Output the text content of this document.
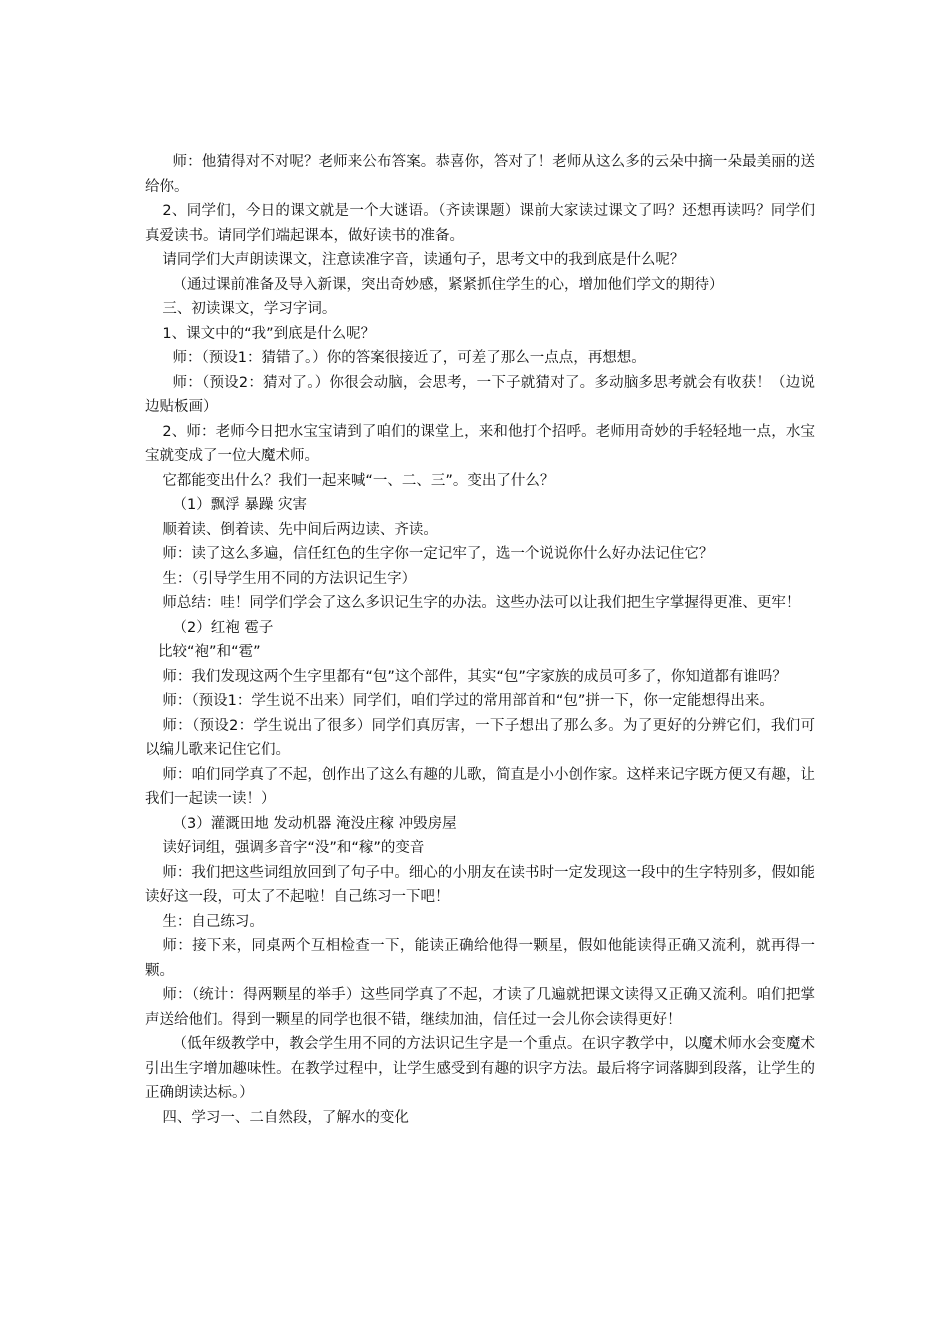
师：他猜得对不对呢？老师来公布答案。恭喜你，答对了！老师从这么多的云朵中摘一朵最美丽的送给你。

2、同学们，今日的课文就是一个大谜语。（齐读课题）课前大家读过课文了吗？还想再读吗？同学们真爱读书。请同学们端起课本，做好读书的准备。

请同学们大声朗读课文，注意读准字音，读通句子，思考文中的我到底是什么呢？

（通过课前准备及导入新课，突出奇妙感，紧紧抓住学生的心，增加他们学文的期待）

三、初读课文，学习字词。

1、课文中的“我”到底是什么呢？

师：（预设1：猜错了。）你的答案很接近了，可差了那么一点点，再想想。

师：（预设2：猜对了。）你很会动脑，会思考，一下子就猜对了。多动脑多思考就会有收获！（边说边贴板画）

2、师：老师今日把水宝宝请到了咱们的课堂上，来和他打个招呼。老师用奇妙的手轻轻地一点，水宝宝就变成了一位大魔术师。

它都能变出什么？我们一起来喊“一、二、三”。变出了什么？

（1）飘浮 暴躁 灾害

顺着读、倒着读、先中间后两边读、齐读。

师：读了这么多遍，信任红色的生字你一定记牢了，选一个说说你什么好办法记住它？

生：（引导学生用不同的方法识记生字）

师总结：哇！同学们学会了这么多识记生字的办法。这些办法可以让我们把生字掌握得更准、更牢！

（2）红袍 雹子

比较“袍”和“雹”

师：我们发现这两个生字里都有“包”这个部件，其实“包”字家族的成员可多了，你知道都有谁吗？

师：（预设1：学生说不出来）同学们，咱们学过的常用部首和“包”拼一下，你一定能想得出来。

师：（预设2：学生说出了很多）同学们真厉害，一下子想出了那么多。为了更好的分辨它们，我们可以编儿歌来记住它们。

师：咱们同学真了不起，创作出了这么有趣的儿歌，简直是小小创作家。这样来记字既方便又有趣，让我们一起读一读！）

（3）灌溉田地 发动机器 淹没庄稼 冲毁房屋

读好词组，强调多音字“没”和“稼”的变音

师：我们把这些词组放回到了句子中。细心的小朋友在读书时一定发现这一段中的生字特别多，假如能读好这一段，可太了不起啦！自己练习一下吧！

生：自己练习。

师：接下来，同桌两个互相检查一下，能读正确给他得一颗星，假如他能读得正确又流利，就再得一颗。

师：（统计：得两颗星的举手）这些同学真了不起，才读了几遍就把课文读得又正确又流利。咱们把掌声送给他们。得到一颗星的同学也很不错，继续加油，信任过一会儿你会读得更好！

（低年级教学中，教会学生用不同的方法识记生字是一个重点。在识字教学中，以魔术师水会变魔术引出生字增加趣味性。在教学过程中，让学生感受到有趣的识字方法。最后将字词落脚到段落，让学生的正确朗读达标。）

四、学习一、二自然段，了解水的变化
